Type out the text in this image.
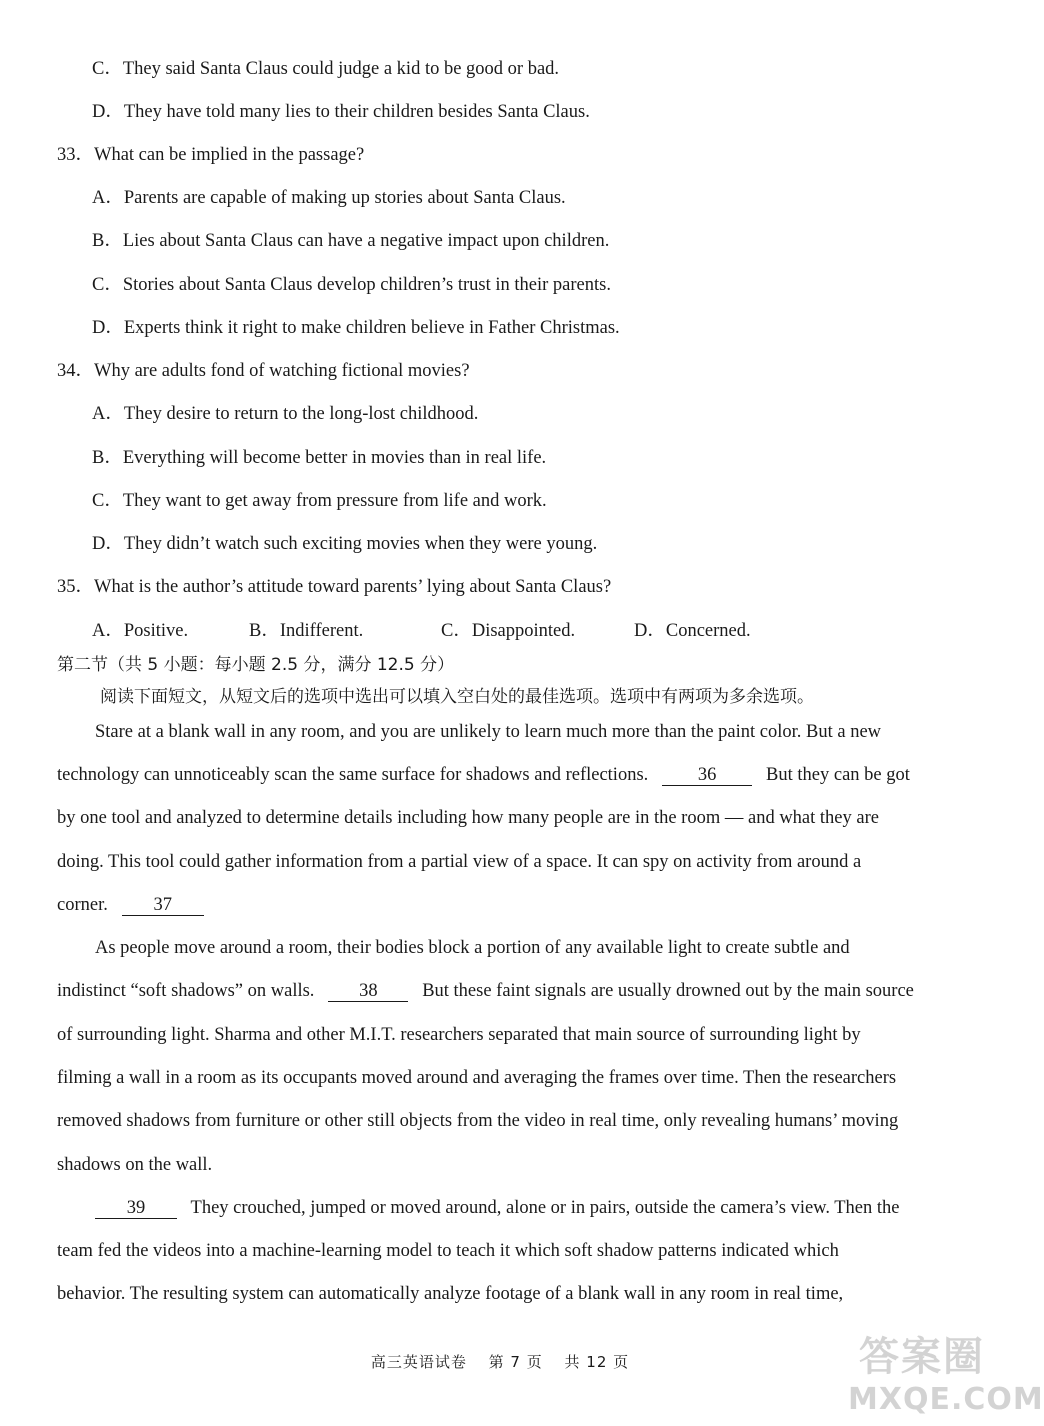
C．They said Santa Claus could judge a kid to be good or bad.
D．They have told many lies to their children besides Santa Claus.
33．What can be implied in the passage?
A．Parents are capable of making up stories about Santa Claus.
B．Lies about Santa Claus can have a negative impact upon children.
C．Stories about Santa Claus develop children’s trust in their parents.
D．Experts think it right to make children believe in Father Christmas.
34．Why are adults fond of watching fictional movies?
A．They desire to return to the long-lost childhood.
B．Everything will become better in movies than in real life.
C．They want to get away from pressure from life and work.
D．They didn’t watch such exciting movies when they were young.
35．What is the author’s attitude toward parents’ lying about Santa Claus?
A．Positive.	B．Indifferent.	C．Disappointed.	D．Concerned.
第二节（共 5 小题：每小题 2.5 分，满分 12.5 分）
阅读下面短文，从短文后的选项中选出可以填入空白处的最佳选项。选项中有两项为多余选项。
Stare at a blank wall in any room, and you are unlikely to learn much more than the paint color. But a new
technology can unnoticeably scan the same surface for shadows and reflections.	36	But they can be got
by one tool and analyzed to determine details including how many people are in the room — and what they are
doing. This tool could gather information from a partial view of a space. It can spy on activity from around a
corner. 37
As people move around a room, their bodies block a portion of any available light to create subtle and
indistinct “soft shadows” on walls. 38 But these faint signals are usually drowned out by the main source
of surrounding light. Sharma and other M.I.T. researchers separated that main source of surrounding light by
filming a wall in a room as its occupants moved around and averaging the frames over time. Then the researchers
removed shadows from furniture or other still objects from the video in real time, only revealing humans’ moving
shadows on the wall.
39 They crouched, jumped or moved around, alone or in pairs, outside the camera’s view. Then the
team fed the videos into a machine-learning model to teach it which soft shadow patterns indicated which
behavior. The resulting system can automatically analyze footage of a blank wall in any room in real time,
高三英语试卷 第 7 页 共 12 页	答案圈
MXQE.COM
